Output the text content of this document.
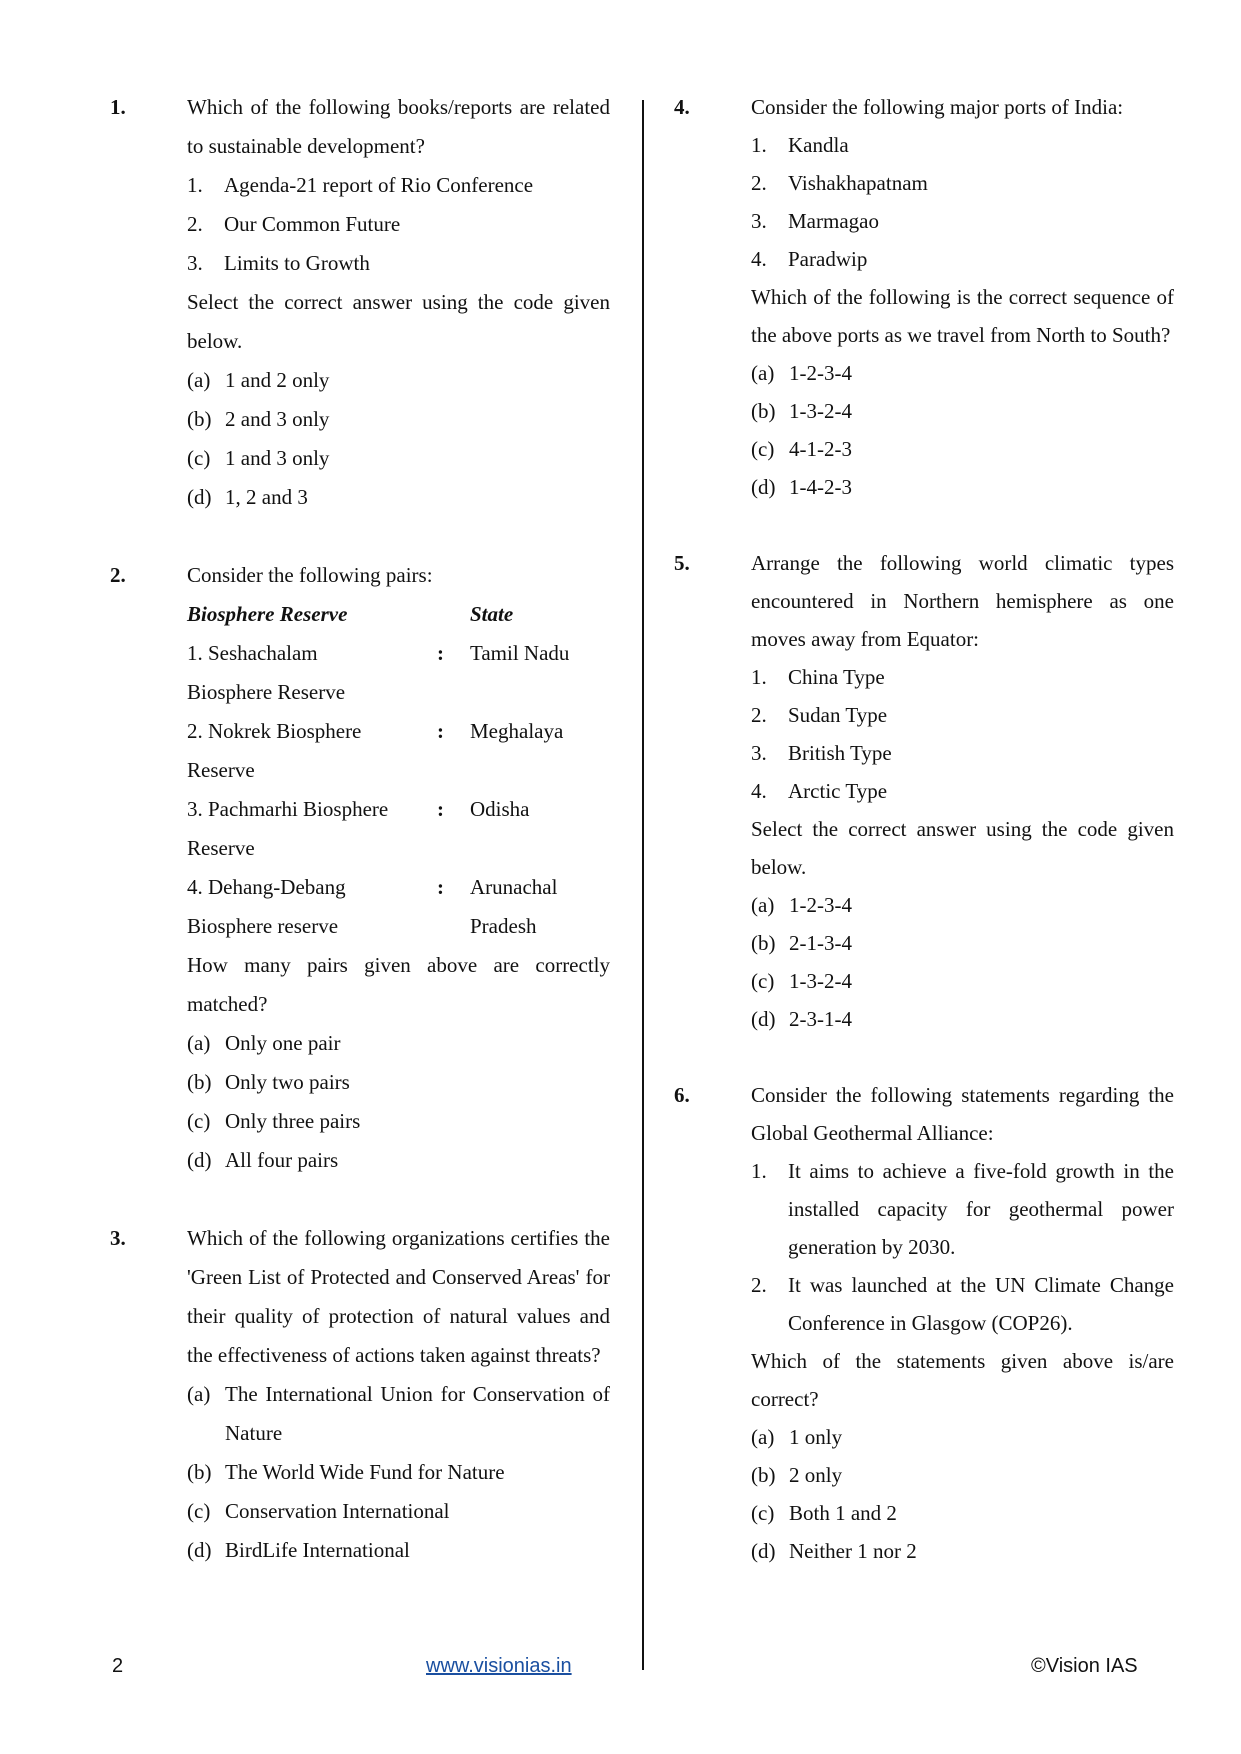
1.	Which of the following books/reports are related to sustainable development?
1.	Agenda-21 report of Rio Conference
2.	Our Common Future
3.	Limits to Growth
Select the correct answer using the code given below.
(a) 1 and 2 only
(b) 2 and 3 only
(c) 1 and 3 only
(d) 1, 2 and 3
2.	Consider the following pairs:
Biosphere Reserve	State
1. Seshachalam	:	Tamil Nadu
Biosphere Reserve
2. Nokrek Biosphere	:	Meghalaya
Reserve
3. Pachmarhi Biosphere	:	Odisha
Reserve
4. Dehang-Debang	:	Arunachal
Biosphere reserve	Pradesh
How many pairs given above are correctly matched?
(a) Only one pair
(b) Only two pairs
(c) Only three pairs
(d) All four pairs
3.	Which of the following organizations certifies the 'Green List of Protected and Conserved Areas' for their quality of protection of natural values and the effectiveness of actions taken against threats?
(a) The International Union for Conservation of Nature
(b) The World Wide Fund for Nature
(c) Conservation International
(d) BirdLife International
4.	Consider the following major ports of India:
1.	Kandla
2.	Vishakhapatnam
3.	Marmagao
4.	Paradwip
Which of the following is the correct sequence of the above ports as we travel from North to South?
(a) 1-2-3-4
(b) 1-3-2-4
(c) 4-1-2-3
(d) 1-4-2-3
5.	Arrange the following world climatic types encountered in Northern hemisphere as one moves away from Equator:
1.	China Type
2.	Sudan Type
3.	British Type
4.	Arctic Type
Select the correct answer using the code given below.
(a) 1-2-3-4
(b) 2-1-3-4
(c) 1-3-2-4
(d) 2-3-1-4
6.	Consider the following statements regarding the Global Geothermal Alliance:
1.	It aims to achieve a five-fold growth in the installed capacity for geothermal power generation by 2030.
2.	It was launched at the UN Climate Change Conference in Glasgow (COP26).
Which of the statements given above is/are correct?
(a) 1 only
(b) 2 only
(c) Both 1 and 2
(d) Neither 1 nor 2
2	www.visionias.in	©Vision IAS
